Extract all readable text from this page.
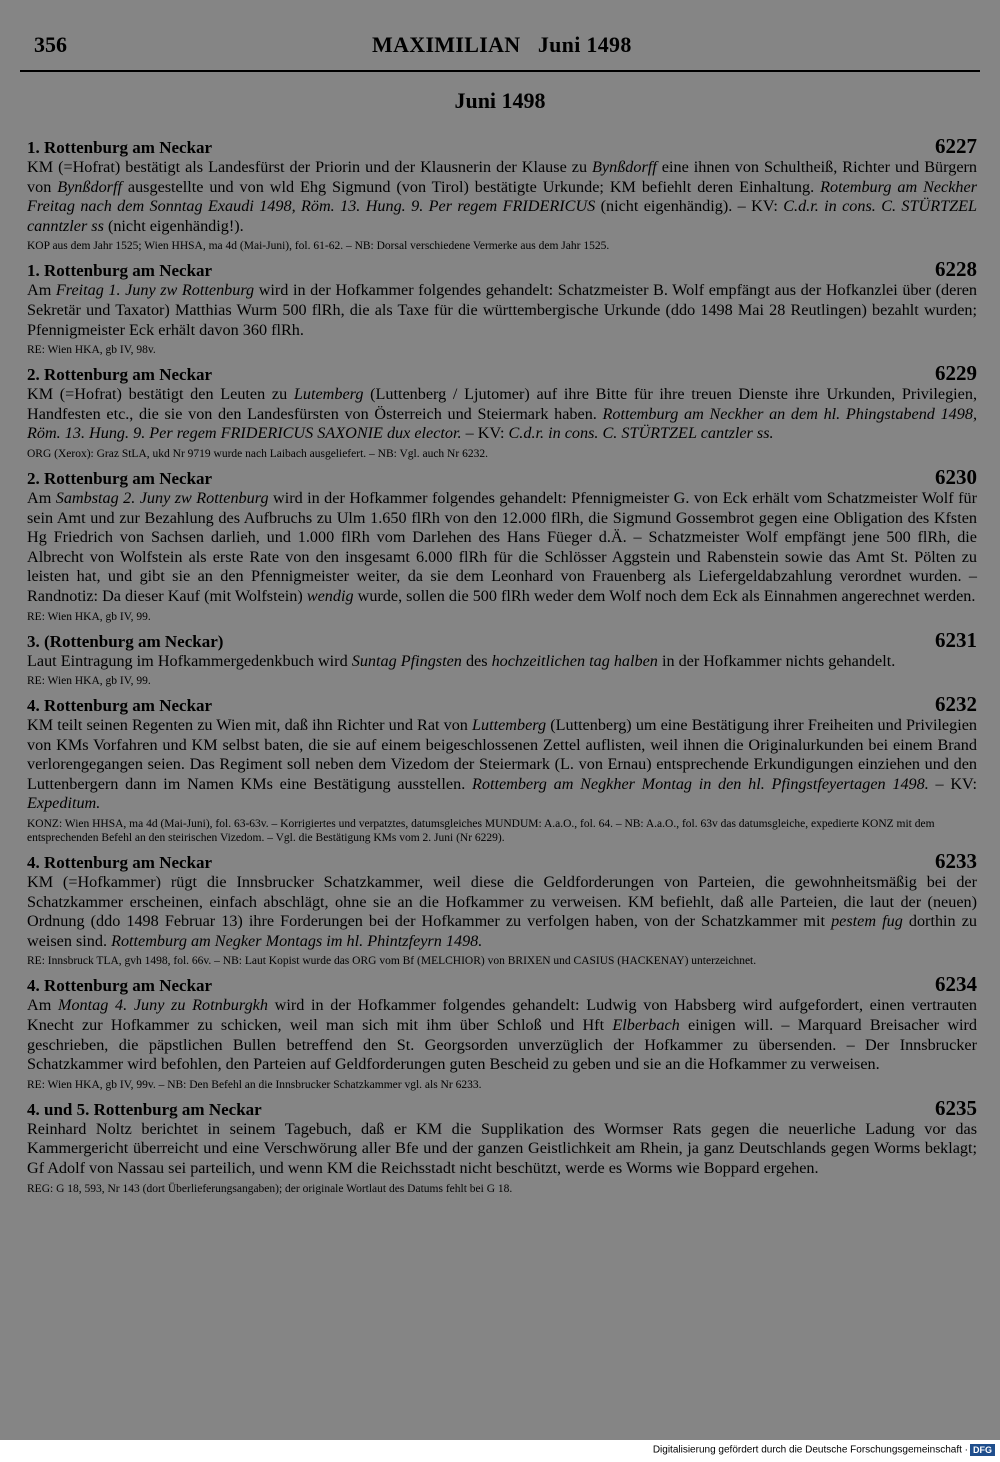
356	MAXIMILIAN   Juni 1498
Juni 1498
1. Rottenburg am Neckar	6227

KM (=Hofrat) bestätigt als Landesfürst der Priorin und der Klausnerin der Klause zu Bynßdorff eine ihnen von Schultheiß, Richter und Bürgern von Bynßdorff ausgestellte und von wld Ehg Sigmund (von Tirol) bestätigte Urkunde; KM befiehlt deren Einhaltung. Rotemburg am Neckher Freitag nach dem Sonntag Exaudi 1498, Röm. 13. Hung. 9. Per regem FRIDERICUS (nicht eigenhändig). – KV: C.d.r. in cons. C. STÜRTZEL canntzler ss (nicht eigenhändig!).

KOP aus dem Jahr 1525; Wien HHSA, ma 4d (Mai-Juni), fol. 61-62. – NB: Dorsal verschiedene Vermerke aus dem Jahr 1525.

1. Rottenburg am Neckar	6228

Am Freitag 1. Juny zw Rottenburg wird in der Hofkammer folgendes gehandelt: Schatzmeister B. Wolf empfängt aus der Hofkanzlei über (deren Sekretär und Taxator) Matthias Wurm 500 flRh, die als Taxe für die württembergische Urkunde (ddo 1498 Mai 28 Reutlingen) bezahlt wurden; Pfennigmeister Eck erhält davon 360 flRh.

RE: Wien HKA, gb IV, 98v.

2. Rottenburg am Neckar	6229

KM (=Hofrat) bestätigt den Leuten zu Lutemberg (Luttenberg / Ljutomer) auf ihre Bitte für ihre treuen Dienste ihre Urkunden, Privilegien, Handfesten etc., die sie von den Landesfürsten von Österreich und Steiermark haben. Rottemburg am Neckher an dem hl. Phingstabend 1498, Röm. 13. Hung. 9. Per regem FRIDERICUS SAXONIE dux elector. – KV: C.d.r. in cons. C. STÜRTZEL cantzler ss.

ORG (Xerox): Graz StLA, ukd Nr 9719 wurde nach Laibach ausgeliefert. – NB: Vgl. auch Nr 6232.

2. Rottenburg am Neckar	6230

Am Sambstag 2. Juny zw Rottenburg wird in der Hofkammer folgendes gehandelt: Pfennigmeister G. von Eck erhält vom Schatzmeister Wolf für sein Amt und zur Bezahlung des Aufbruchs zu Ulm 1.650 flRh von den 12.000 flRh, die Sigmund Gossembrot gegen eine Obligation des Kfsten Hg Friedrich von Sachsen darlieh, und 1.000 flRh vom Darlehen des Hans Füeger d.Ä. – Schatzmeister Wolf empfängt jene 500 flRh, die Albrecht von Wolfstein als erste Rate von den insgesamt 6.000 flRh für die Schlösser Aggstein und Rabenstein sowie das Amt St. Pölten zu leisten hat, und gibt sie an den Pfennigmeister weiter, da sie dem Leonhard von Frauenberg als Liefergeldabzahlung verordnet wurden. – Randnotiz: Da dieser Kauf (mit Wolfstein) wendig wurde, sollen die 500 flRh weder dem Wolf noch dem Eck als Einnahmen angerechnet werden.

RE: Wien HKA, gb IV, 99.

3. (Rottenburg am Neckar)	6231

Laut Eintragung im Hofkammergedenkbuch wird Suntag Pfingsten des hochzeitlichen tag halben in der Hofkammer nichts gehandelt.

RE: Wien HKA, gb IV, 99.

4. Rottenburg am Neckar	6232

KM teilt seinen Regenten zu Wien mit, daß ihn Richter und Rat von Luttemberg (Luttenberg) um eine Bestätigung ihrer Freiheiten und Privilegien von KMs Vorfahren und KM selbst baten, die sie auf einem beigeschlossenen Zettel auflisten, weil ihnen die Originalurkunden bei einem Brand verlorengegangen seien. Das Regiment soll neben dem Vizedom der Steiermark (L. von Ernau) entsprechende Erkundigungen einziehen und den Luttenbergern dann im Namen KMs eine Bestätigung ausstellen. Rottemberg am Negkher Montag in den hl. Pfingstfeyertagen 1498. – KV: Expeditum.

KONZ: Wien HHSA, ma 4d (Mai-Juni), fol. 63-63v. – Korrigiertes und verpatztes, datumsgleiches MUNDUM: A.a.O., fol. 64. – NB: A.a.O., fol. 63v das datumsgleiche, expedierte KONZ mit dem entsprechenden Befehl an den steirischen Vizedom. – Vgl. die Bestätigung KMs vom 2. Juni (Nr 6229).

4. Rottenburg am Neckar	6233

KM (=Hofkammer) rügt die Innsbrucker Schatzkammer, weil diese die Geldforderungen von Parteien, die gewohnheitsmäßig bei der Schatzkammer erscheinen, einfach abschlägt, ohne sie an die Hofkammer zu verweisen. KM befiehlt, daß alle Parteien, die laut der (neuen) Ordnung (ddo 1498 Februar 13) ihre Forderungen bei der Hofkammer zu verfolgen haben, von der Schatzkammer mit pestem fug dorthin zu weisen sind. Rottemburg am Negker Montags im hl. Phintzfeyrn 1498.

RE: Innsbruck TLA, gvh 1498, fol. 66v. – NB: Laut Kopist wurde das ORG vom Bf (MELCHIOR) von BRIXEN und CASIUS (HACKENAY) unterzeichnet.

4. Rottenburg am Neckar	6234

Am Montag 4. Juny zu Rotnburgkh wird in der Hofkammer folgendes gehandelt: Ludwig von Habsberg wird aufgefordert, einen vertrauten Knecht zur Hofkammer zu schicken, weil man sich mit ihm über Schloß und Hft Elberbach einigen will. – Marquard Breisacher wird geschrieben, die päpstlichen Bullen betreffend den St. Georgsorden unverzüglich der Hofkammer zu übersenden. – Der Innsbrucker Schatzkammer wird befohlen, den Parteien auf Geldforderungen guten Bescheid zu geben und sie an die Hofkammer zu verweisen.

RE: Wien HKA, gb IV, 99v. – NB: Den Befehl an die Innsbrucker Schatzkammer vgl. als Nr 6233.

4. und 5. Rottenburg am Neckar	6235

Reinhard Noltz berichtet in seinem Tagebuch, daß er KM die Supplikation des Wormser Rats gegen die neuerliche Ladung vor das Kammergericht überreicht und eine Verschwörung aller Bfe und der ganzen Geistlichkeit am Rhein, ja ganz Deutschlands gegen Worms beklagt; Gf Adolf von Nassau sei parteilich, und wenn KM die Reichsstadt nicht beschützt, werde es Worms wie Boppard ergehen.

REG: G 18, 593, Nr 143 (dort Überlieferungsangaben); der originale Wortlaut des Datums fehlt bei G 18.

Digitalisierung gefördert durch die Deutsche Forschungsgemeinschaft · DFG
